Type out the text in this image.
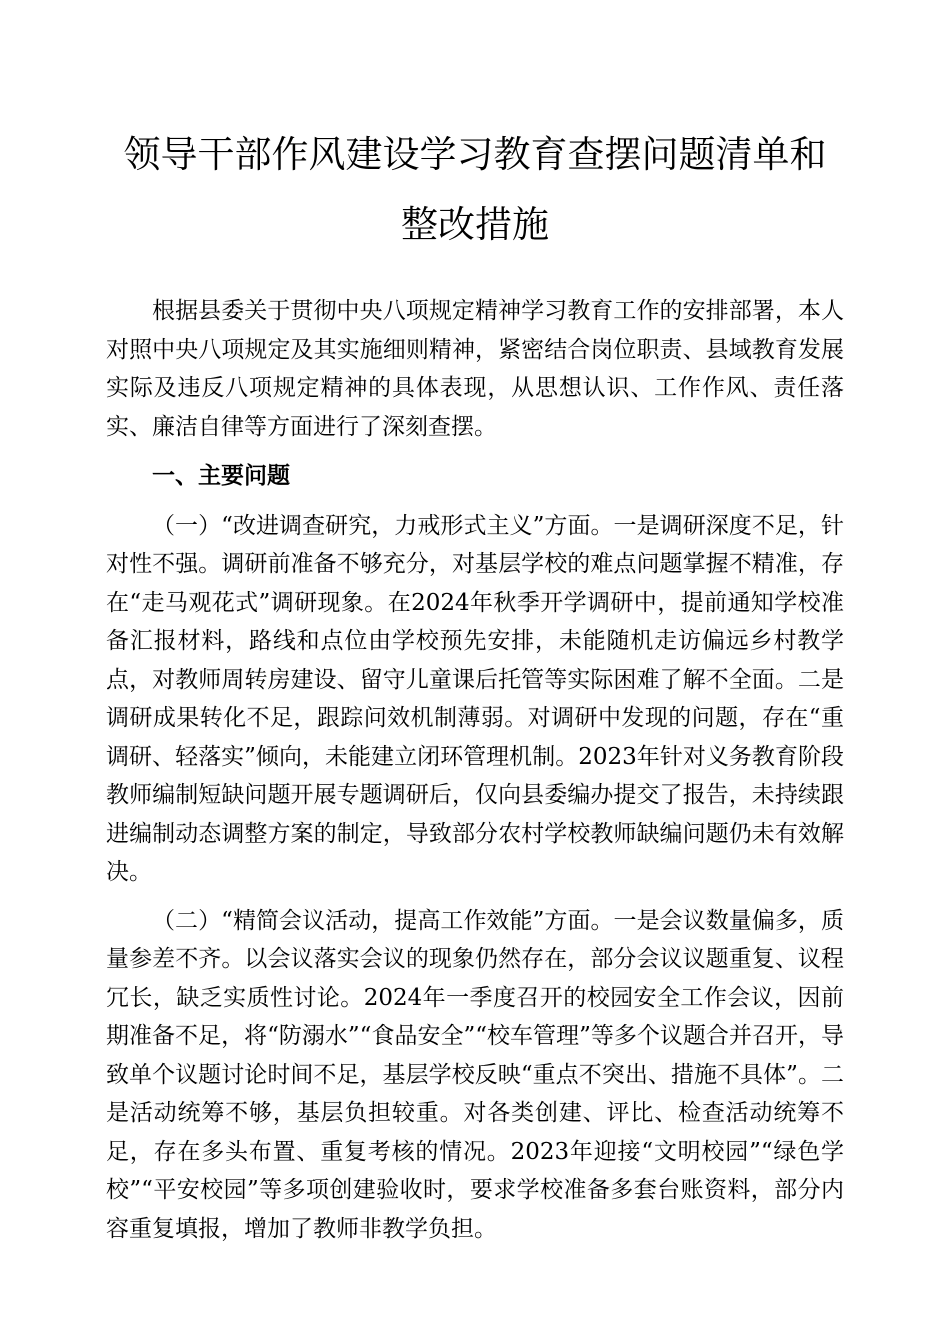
领导干部作风建设学习教育查摆问题清单和整改措施

根据县委关于贯彻中央八项规定精神学习教育工作的安排部署，本人对照中央八项规定及其实施细则精神，紧密结合岗位职责、县域教育发展实际及违反八项规定精神的具体表现，从思想认识、工作作风、责任落实、廉洁自律等方面进行了深刻查摆。

一、主要问题

（一）“改进调查研究，力戒形式主义”方面。一是调研深度不足，针对性不强。调研前准备不够充分，对基层学校的难点问题掌握不精准，存在“走马观花式”调研现象。在2024年秋季开学调研中，提前通知学校准备汇报材料，路线和点位由学校预先安排，未能随机走访偏远乡村教学点，对教师周转房建设、留守儿童课后托管等实际困难了解不全面。二是调研成果转化不足，跟踪问效机制薄弱。对调研中发现的问题，存在“重调研、轻落实”倾向，未能建立闭环管理机制。2023年针对义务教育阶段教师编制短缺问题开展专题调研后，仅向县委编办提交了报告，未持续跟进编制动态调整方案的制定，导致部分农村学校教师缺编问题仍未有效解决。

（二）“精简会议活动，提高工作效能”方面。一是会议数量偏多，质量参差不齐。以会议落实会议的现象仍然存在，部分会议议题重复、议程冗长，缺乏实质性讨论。2024年一季度召开的校园安全工作会议，因前期准备不足，将“防溺水”“食品安全”“校车管理”等多个议题合并召开，导致单个议题讨论时间不足，基层学校反映“重点不突出、措施不具体”。二是活动统筹不够，基层负担较重。对各类创建、评比、检查活动统筹不足，存在多头布置、重复考核的情况。2023年迎接“文明校园”“绿色学校”“平安校园”等多项创建验收时，要求学校准备多套台账资料，部分内容重复填报，增加了教师非教学负担。
